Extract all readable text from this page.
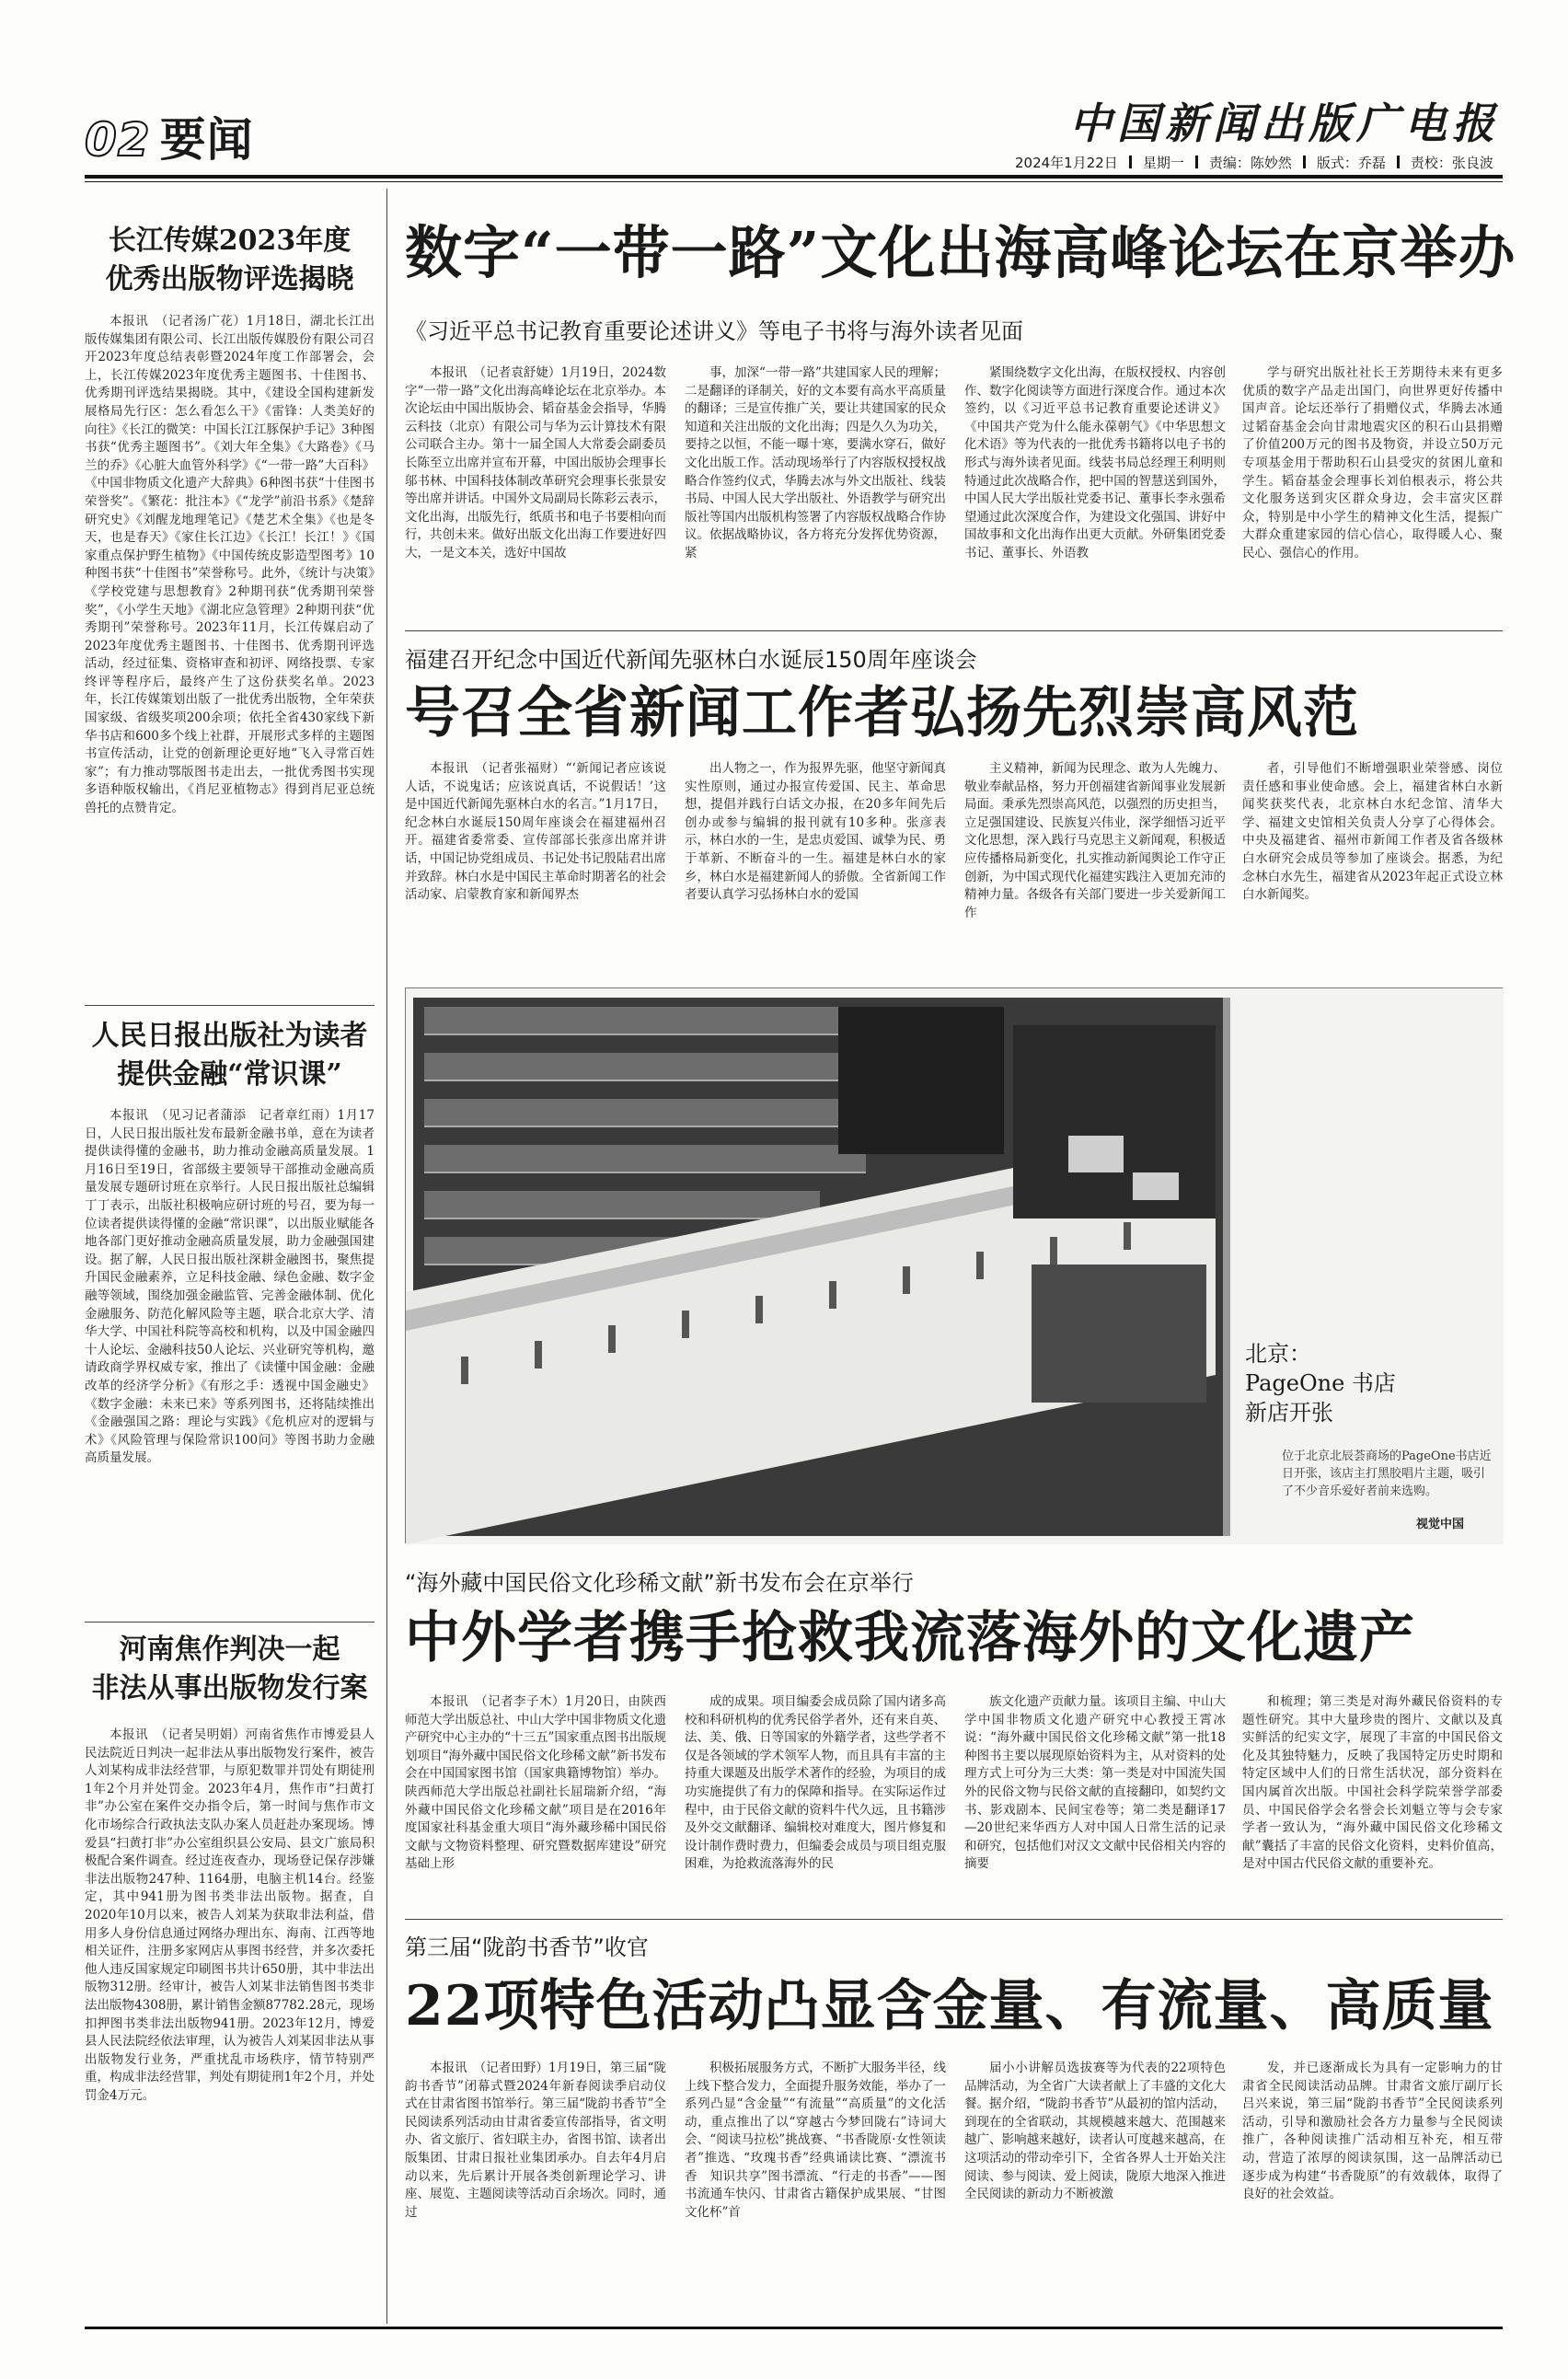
02 要闻	中国新闻出版广电报
2024年1月22日 星期一 责编：陈妙然 版式：乔磊 责校：张良波
长江传媒2023年度
优秀出版物评选揭晓

本报讯　（记者汤广花）1月18日，湖北长江出版传媒集团有限公司、长江出版传媒股份有限公司召开2023年度总结表彰暨2024年度工作部署会，会上，长江传媒2023年度优秀主题图书、十佳图书、优秀期刊评选结果揭晓。其中，《建设全国构建新发展格局先行区：怎么看怎么干》《雷锋：人类美好的向往》《长江的微笑：中国长江江豚保护手记》3种图书获“优秀主题图书”。《刘大年全集》《大路卷》《马兰的乔》《心脏大血管外科学》《“一带一路”大百科》《中国非物质文化遗产大辞典》6种图书获“十佳图书荣誉奖”。《繁花：批注本》《“龙学”前沿书系》《楚辞研究史》《刘醒龙地理笔记》《楚艺术全集》《也是冬天，也是春天》《家住长江边》《长江！长江！》《国家重点保护野生植物》《中国传统皮影造型图考》10种图书获“十佳图书”荣誉称号。此外，《统计与决策》《学校党建与思想教育》2种期刊获“优秀期刊荣誉奖”，《小学生天地》《湖北应急管理》2种期刊获“优秀期刊”荣誉称号。2023年11月，长江传媒启动了2023年度优秀主题图书、十佳图书、优秀期刊评选活动，经过征集、资格审查和初评、网络投票、专家终评等程序后，最终产生了这份获奖名单。2023年，长江传媒策划出版了一批优秀出版物，全年荣获国家级、省级奖项200余项；依托全省430家线下新华书店和600多个线上社群，开展形式多样的主题图书宣传活动，让党的创新理论更好地“飞入寻常百姓家”；有力推动鄂版图书走出去，一批优秀图书实现多语种版权输出，《肖尼亚植物志》得到肖尼亚总统兽托的点赞肯定。

人民日报出版社为读者
提供金融“常识课”

本报讯　（见习记者蒲添　记者章红雨）1月17日，人民日报出版社发布最新金融书单，意在为读者提供读得懂的金融书，助力推动金融高质量发展。1月16日至19日，省部级主要领导干部推动金融高质量发展专题研讨班在京举行。人民日报出版社总编辑丁丁表示，出版社积极响应研讨班的号召，要为每一位读者提供读得懂的金融“常识课”，以出版业赋能各地各部门更好推动金融高质量发展，助力金融强国建设。据了解，人民日报出版社深耕金融图书，聚焦提升国民金融素养，立足科技金融、绿色金融、数字金融等领域，围绕加强金融监管、完善金融体制、优化金融服务、防范化解风险等主题，联合北京大学、清华大学、中国社科院等高校和机构，以及中国金融四十人论坛、金融科技50人论坛、兴业研究等机构，邀请政商学界权威专家，推出了《读懂中国金融：金融改革的经济学分析》《有形之手：透视中国金融史》《数字金融：未来已来》等系列图书，还将陆续推出《金融强国之路：理论与实践》《危机应对的逻辑与术》《风险管理与保险常识100问》等图书助力金融高质量发展。

河南焦作判决一起
非法从事出版物发行案

本报讯　（记者吴明娟）河南省焦作市博爱县人民法院近日判决一起非法从事出版物发行案件，被告人刘某构成非法经营罪，与原犯数罪并罚处有期徒刑1年2个月并处罚金。2023年4月，焦作市“扫黄打非”办公室在案件交办指令后，第一时间与焦作市文化市场综合行政执法支队办案人员赶赴办案现场。博爱县“扫黄打非”办公室组织县公安局、县文广旅局积极配合案件调查。经过连夜查办，现场登记保存涉嫌非法出版物247种、1164册，电脑主机14台。经鉴定，其中941册为图书类非法出版物。据查，自2020年10月以来，被告人刘某为获取非法利益，借用多人身份信息通过网络办理出东、海南、江西等地相关证件，注册多家网店从事图书经营，并多次委托他人违反国家规定印刷图书共计650册，其中非法出版物312册。经审计，被告人刘某非法销售图书类非法出版物4308册，累计销售金额87782.28元，现场扣押图书类非法出版物941册。2023年12月，博爱县人民法院经依法审理，认为被告人刘某因非法从事出版物发行业务，严重扰乱市场秩序，情节特别严重，构成非法经营罪，判处有期徒刑1年2个月，并处罚金4万元。

数字“一带一路”文化出海高峰论坛在京举办
《习近平总书记教育重要论述讲义》等电子书将与海外读者见面

本报讯　（记者袁舒婕）1月19日，2024数字“一带一路”文化出海高峰论坛在北京举办。本次论坛由中国出版协会、韬奋基金会指导，华腾云科技（北京）有限公司与华为云计算技术有限公司联合主办。第十一届全国人大常委会副委员长陈至立出席并宣布开幕，中国出版协会理事长邬书林、中国科技体制改革研究会理事长张景安等出席并讲话。中国外文局副局长陈彩云表示，文化出海，出版先行，纸质书和电子书要相向而行，共创未来。做好出版文化出海工作要进好四大，一是文本关，选好中国故

事，加深“一带一路”共建国家人民的理解；二是翻译的译制关，好的文本要有高水平高质量的翻译；三是宣传推广关，要让共建国家的民众知道和关注出版的文化出海；四是久久为功关，要持之以恒，不能一曝十寒，要满水穿石，做好文化出版工作。活动现场举行了内容版权授权战略合作签约仪式，华腾去冰与外文出版社、线装书局、中国人民大学出版社、外语教学与研究出版社等国内出版机构签署了内容版权战略合作协议。依据战略协议，各方将充分发挥优势资源，紧

紧围绕数字文化出海，在版权授权、内容创作、数字化阅读等方面进行深度合作。通过本次签约，以《习近平总书记教育重要论述讲义》《中国共产党为什么能永葆朝气》《中华思想文化术语》等为代表的一批优秀书籍将以电子书的形式与海外读者见面。线装书局总经理王利明则特通过此次战略合作，把中国的智慧送到国外，中国人民大学出版社党委书记、董事长李永强希望通过此次深度合作，为建设文化强国、讲好中国故事和文化出海作出更大贡献。外研集团党委书记、董事长、外语教

学与研究出版社社长王芳期待未来有更多优质的数字产品走出国门，向世界更好传播中国声音。论坛还举行了捐赠仪式，华腾去冰通过韬奋基金会向甘肃地震灾区的积石山县捐赠了价值200万元的图书及物资，并设立50万元专项基金用于帮助积石山县受灾的贫困儿童和学生。韬奋基金会理事长刘伯根表示，将公共文化服务送到灾区群众身边，会丰富灾区群众，特别是中小学生的精神文化生活，提振广大群众重建家园的信心信心，取得暖人心、聚民心、强信心的作用。

福建召开纪念中国近代新闻先驱林白水诞辰150周年座谈会
号召全省新闻工作者弘扬先烈崇高风范

本报讯　（记者张福财）“‘新闻记者应该说人话，不说鬼话；应该说真话，不说假话！’这是中国近代新闻先驱林白水的名言。”1月17日，纪念林白水诞辰150周年座谈会在福建福州召开。福建省委常委、宣传部部长张彦出席并讲话，中国记协党组成员、书记处书记殷陆君出席并致辞。林白水是中国民主革命时期著名的社会活动家、启蒙教育家和新闻界杰

出人物之一，作为报界先驱，他坚守新闻真实性原则，通过办报宣传爱国、民主、革命思想，提倡并践行白话文办报，在20多年间先后创办或参与编辑的报刊就有10多种。张彦表示，林白水的一生，是忠贞爱国、诚挚为民、勇于革新、不断奋斗的一生。福建是林白水的家乡，林白水是福建新闻人的骄傲。全省新闻工作者要认真学习弘扬林白水的爱国

主义精神，新闻为民理念、敢为人先魄力、敬业奉献品格，努力开创福建省新闻事业发展新局面。秉承先烈崇高风范，以强烈的历史担当，立足强国建设、民族复兴伟业，深学细悟习近平文化思想，深入践行马克思主义新闻观，积极适应传播格局新变化，扎实推动新闻舆论工作守正创新，为中国式现代化福建实践注入更加充沛的精神力量。各级各有关部门要进一步关爱新闻工作

者，引导他们不断增强职业荣誉感、岗位责任感和事业使命感。会上，福建省林白水新闻奖获奖代表，北京林白水纪念馆、清华大学、福建文史馆相关负责人分享了心得体会。中央及福建省、福州市新闻工作者及省各级林白水研究会成员等参加了座谈会。据悉，为纪念林白水先生，福建省从2023年起正式设立林白水新闻奖。

北京：
PageOne 书店
新店开张
位于北京北辰荟商场的PageOne书店近日开张，该店主打黑胶唱片主题，吸引了不少音乐爱好者前来选购。
视觉中国
“海外藏中国民俗文化珍稀文献”新书发布会在京举行
中外学者携手抢救我流落海外的文化遗产

本报讯　（记者李子木）1月20日，由陕西师范大学出版总社、中山大学中国非物质文化遗产研究中心主办的“十三五”国家重点图书出版规划项目“海外藏中国民俗文化珍稀文献”新书发布会在中国国家图书馆（国家典籍博物馆）举办。陕西师范大学出版总社副社长屈瑞新介绍，“海外藏中国民俗文化珍稀文献”项目是在2016年度国家社科基金重大项目“海外藏珍稀中国民俗文献与文物资料整理、研究暨数据库建设”研究基础上形

成的成果。项目编委会成员除了国内诸多高校和科研机构的优秀民俗学者外，还有来自英、法、美、俄、日等国家的外籍学者，这些学者不仅是各领域的学术领军人物，而且具有丰富的主持重大课题及出版学术著作的经验，为项目的成功实施提供了有力的保障和指导。在实际运作过程中，由于民俗文献的资料牛代久远，且书籍涉及外交文献翻译、编辑校对难度大，图片修复和设计制作费时费力，但编委会成员与项目组克服困难，为抢救流落海外的民

族文化遗产贡献力量。该项目主编、中山大学中国非物质文化遗产研究中心教授王霄冰说：“海外藏中国民俗文化珍稀文献”第一批18种图书主要以展现原始资料为主，从对资料的处理方式上可分为三大类：第一类是对中国流失国外的民俗文物与民俗文献的直接翻印，如契约文书、影戏剧本、民间宝卷等；第二类是翻译17—20世纪来华西方人对中国人日常生活的记录和研究，包括他们对汉文文献中民俗相关内容的摘要

和梳理；第三类是对海外藏民俗资料的专题性研究。其中大量珍贵的图片、文献以及真实鲜活的纪实文字，展现了丰富的中国民俗文化及其独特魅力，反映了我国特定历史时期和特定区域中人们的日常生活状况，部分资料在国内属首次出版。中国社会科学院荣誉学部委员、中国民俗学会名誉会长刘魁立等与会专家学者一致认为，“海外藏中国民俗文化珍稀文献”囊括了丰富的民俗文化资料，史料价值高，是对中国古代民俗文献的重要补充。

第三届“陇韵书香节”收官
22项特色活动凸显含金量、有流量、高质量

本报讯　（记者田野）1月19日，第三届“陇韵书香节”闭幕式暨2024年新春阅读季启动仪式在甘肃省图书馆举行。第三届“陇韵书香节”全民阅读系列活动由甘肃省委宣传部指导，省文明办、省文旅厅、省妇联主办，省图书馆、读者出版集团、甘肃日报社业集团承办。自去年4月启动以来，先后累计开展各类创新理论学习、讲座、展览、主题阅读等活动百余场次。同时，通过

积极拓展服务方式，不断扩大服务半径，线上线下整合发力，全面提升服务效能，举办了一系列凸显“含金量”“有流量”“高质量”的文化活动，重点推出了以“穿越古今梦回陇右”诗词大会、“阅读马拉松”挑战赛、“书香陇原·女性领读者”推选、“玫瑰书香”经典诵读比赛、“漂流书香　知识共享”图书漂流、“行走的书香”——图书流通车快闪、甘肃省古籍保护成果展、“甘图文化杯”首

届小小讲解员选拔赛等为代表的22项特色品牌活动，为全省广大读者献上了丰盛的文化大餐。据介绍，“陇韵书香节”从最初的馆内活动，到现在的全省联动，其规模越来越大、范围越来越广、影响越来越好，读者认可度越来越高，在这项活动的带动牵引下，全省各界人士开始关注阅读、参与阅读、爱上阅读，陇原大地深入推进全民阅读的新动力不断被激

发，并已逐渐成长为具有一定影响力的甘肃省全民阅读活动品牌。甘肃省文旅厅副厅长吕兴来说，第三届“陇韵书香节”全民阅读系列活动，引导和激励社会各方力量参与全民阅读推广，各种阅读推广活动相互补充，相互带动，营造了浓厚的阅读氛围，这一品牌活动已逐步成为构建“书香陇原”的有效载体，取得了良好的社会效益。
